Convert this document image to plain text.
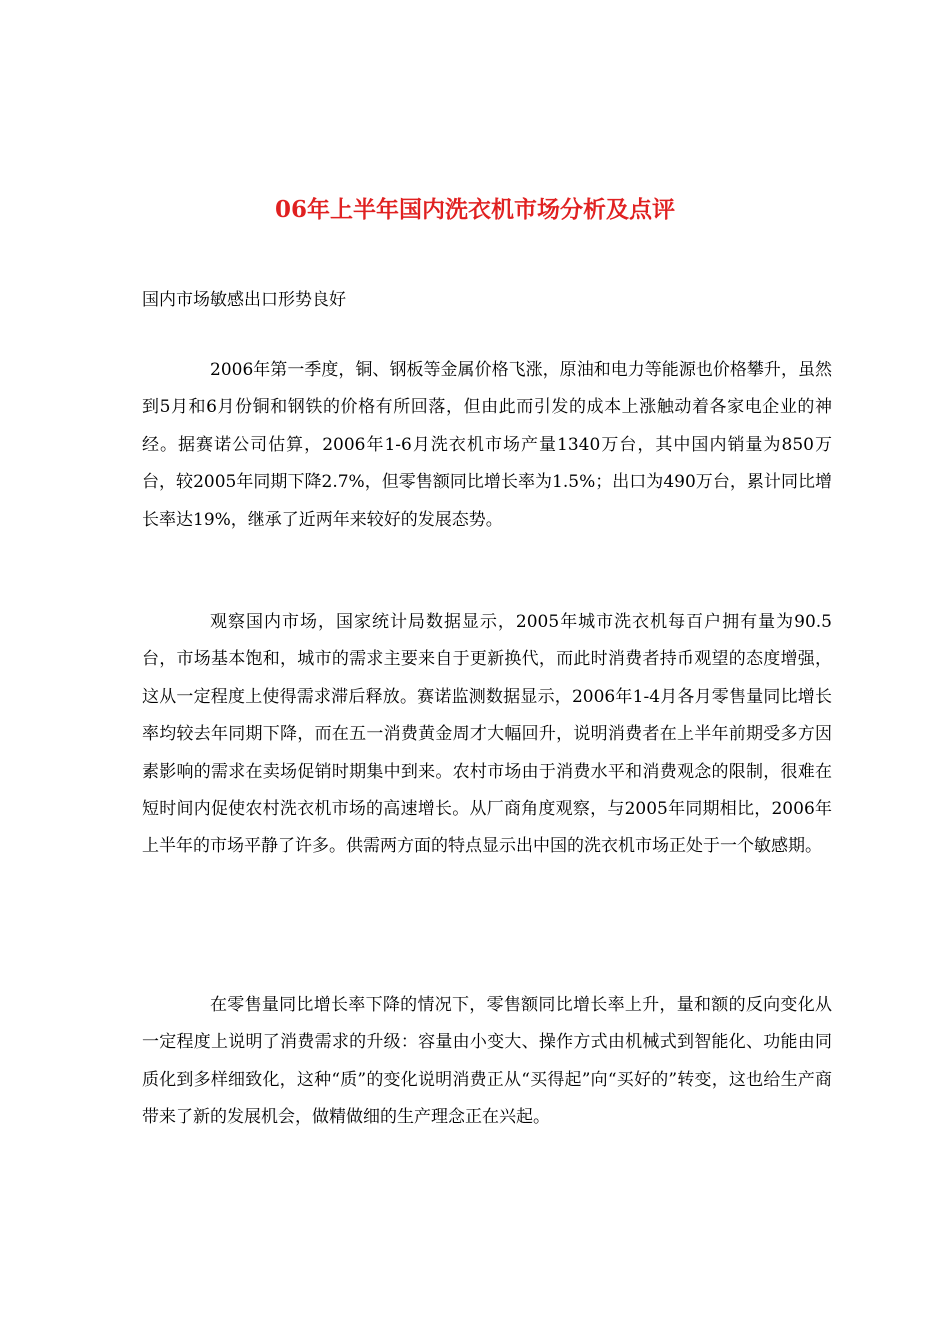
06年上半年国内洗衣机市场分析及点评

国内市场敏感出口形势良好

2006年第一季度，铜、钢板等金属价格飞涨，原油和电力等能源也价格攀升，虽然到5月和6月份铜和钢铁的价格有所回落，但由此而引发的成本上涨触动着各家电企业的神经。据赛诺公司估算，2006年1-6月洗衣机市场产量1340万台，其中国内销量为850万台，较2005年同期下降2.7%，但零售额同比增长率为1.5%；出口为490万台，累计同比增长率达19%，继承了近两年来较好的发展态势。

观察国内市场，国家统计局数据显示，2005年城市洗衣机每百户拥有量为90.5台，市场基本饱和，城市的需求主要来自于更新换代，而此时消费者持币观望的态度增强，这从一定程度上使得需求滞后释放。赛诺监测数据显示，2006年1-4月各月零售量同比增长率均较去年同期下降，而在五一消费黄金周才大幅回升，说明消费者在上半年前期受多方因素影响的需求在卖场促销时期集中到来。农村市场由于消费水平和消费观念的限制，很难在短时间内促使农村洗衣机市场的高速增长。从厂商角度观察，与2005年同期相比，2006年上半年的市场平静了许多。供需两方面的特点显示出中国的洗衣机市场正处于一个敏感期。

在零售量同比增长率下降的情况下，零售额同比增长率上升，量和额的反向变化从一定程度上说明了消费需求的升级：容量由小变大、操作方式由机械式到智能化、功能由同质化到多样细致化，这种“质”的变化说明消费正从“买得起”向“买好的”转变，这也给生产商带来了新的发展机会，做精做细的生产理念正在兴起。
